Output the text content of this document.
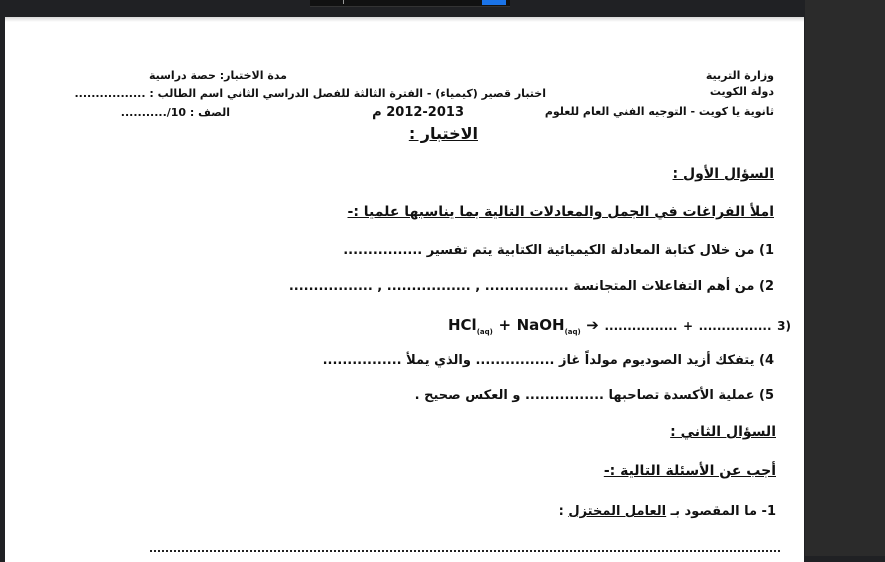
وزارة التربية
دولة الكويت
ثانوية يا كويت - التوجيه الفني العام للعلوم
مدة الاختبار: حصة دراسية
اختبار قصير (كيمياء) - الفترة الثالثة للفصل الدراسي الثاني اسم الطالب : .................
2012-2013 م
الصف : 10/...........
الاختبار :
السؤال الأول :
املأ الفراغات في الجمل والمعادلات التالية بما يناسبها علميا :-
1) من خلال كتابة المعادلة الكيميائية الكتابية يتم تفسير ................
2) من أهم التفاعلات المتجانسة ................. , ................. , .................
HCl$_{(aq)}$ + NaOH$_{(aq)}$ ➔ ................ + ................ 3)
4) يتفكك أزيد الصوديوم مولداً غاز ................ والذي يملأ ................
5) عملية الأكسدة تصاحبها ................ و العكس صحيح .
السؤال الثاني :
أجب عن الأسئلة التالية :-
1- ما المقصود بـ العامل المختزل :
